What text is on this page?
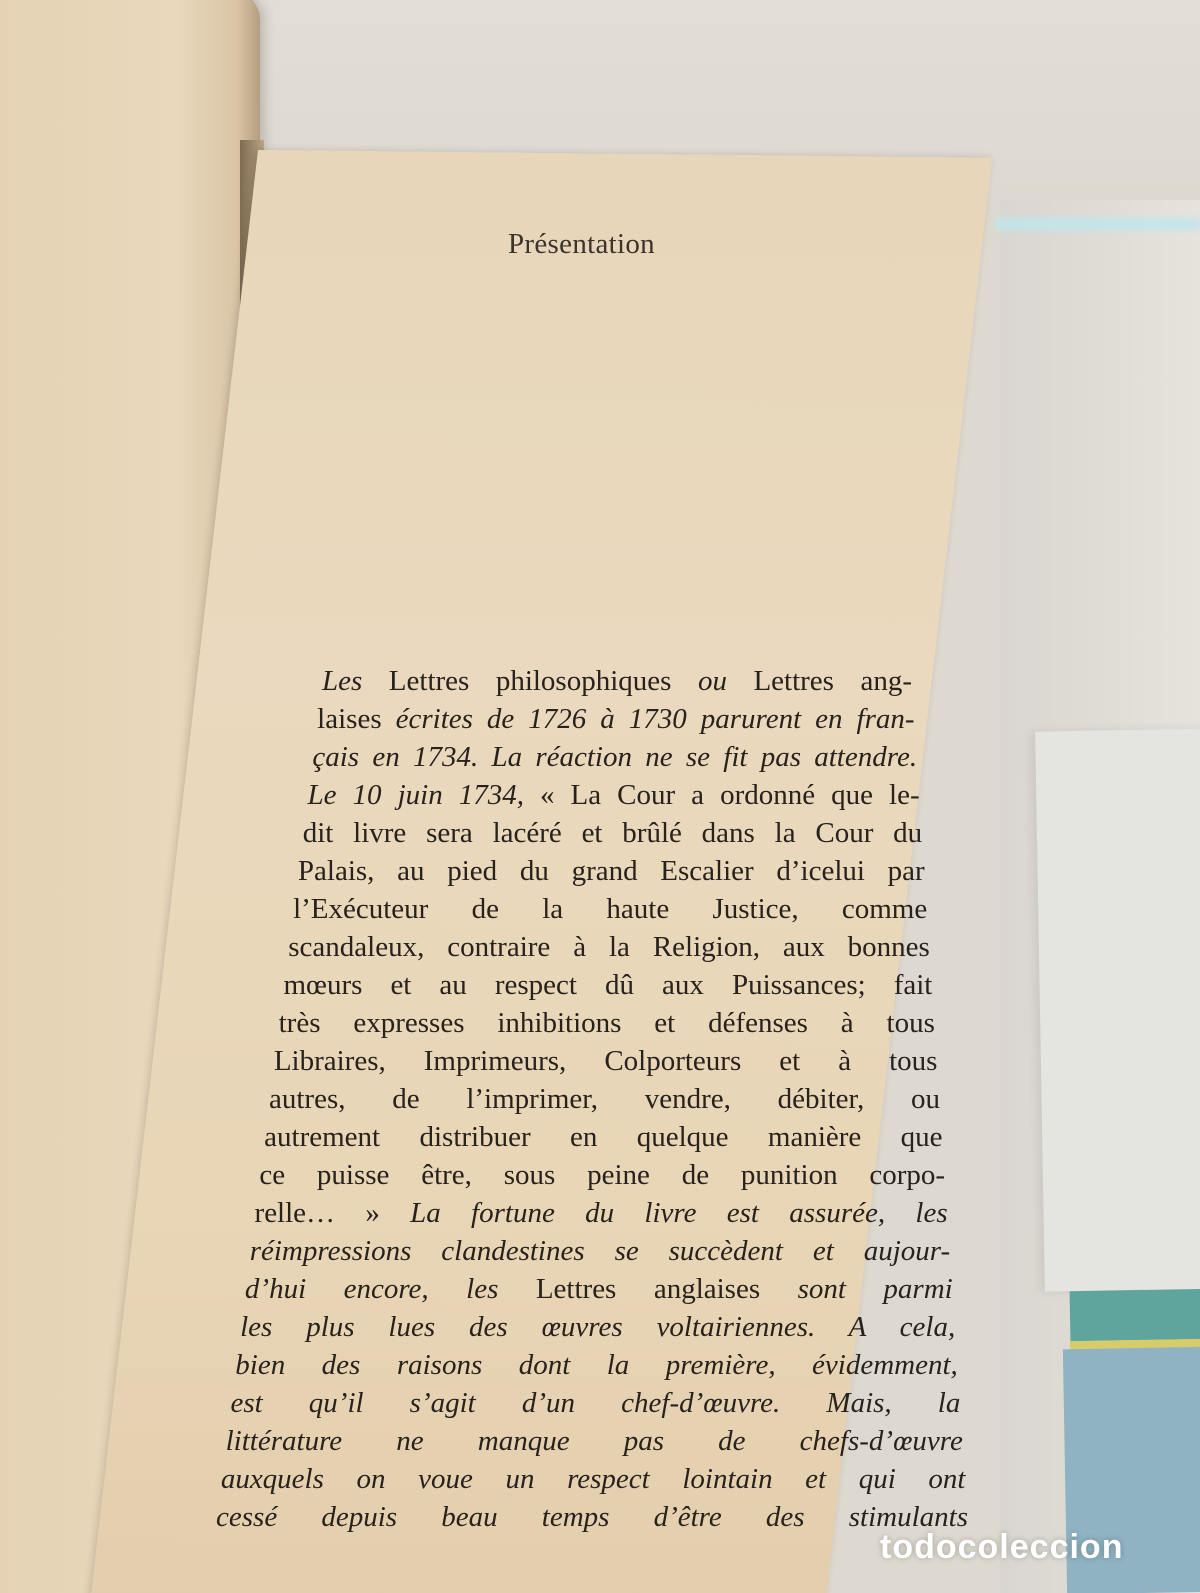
Présentation
Les Lettres philosophiques ou Lettres ang-
laises écrites de 1726 à 1730 parurent en fran-
çais en 1734. La réaction ne se fit pas attendre.
Le 10 juin 1734, « La Cour a ordonné que le-
dit livre sera lacéré et brûlé dans la Cour du
Palais, au pied du grand Escalier d’icelui par
l’Exécuteur de la haute Justice, comme
scandaleux, contraire à la Religion, aux bonnes
mœurs et au respect dû aux Puissances; fait
très expresses inhibitions et défenses à tous
Libraires, Imprimeurs, Colporteurs et à tous
autres, de l’imprimer, vendre, débiter, ou
autrement distribuer en quelque manière que
ce puisse être, sous peine de punition corpo-
relle… » La fortune du livre est assurée, les
réimpressions clandestines se succèdent et aujour-
d’hui encore, les Lettres anglaises sont parmi
les plus lues des œuvres voltairiennes. A cela,
bien des raisons dont la première, évidemment,
est qu’il s’agit d’un chef-d’œuvre. Mais, la
littérature ne manque pas de chefs-d’œuvre
auxquels on voue un respect lointain et qui ont
cessé depuis beau temps d’être des stimulants

todocoleccion
